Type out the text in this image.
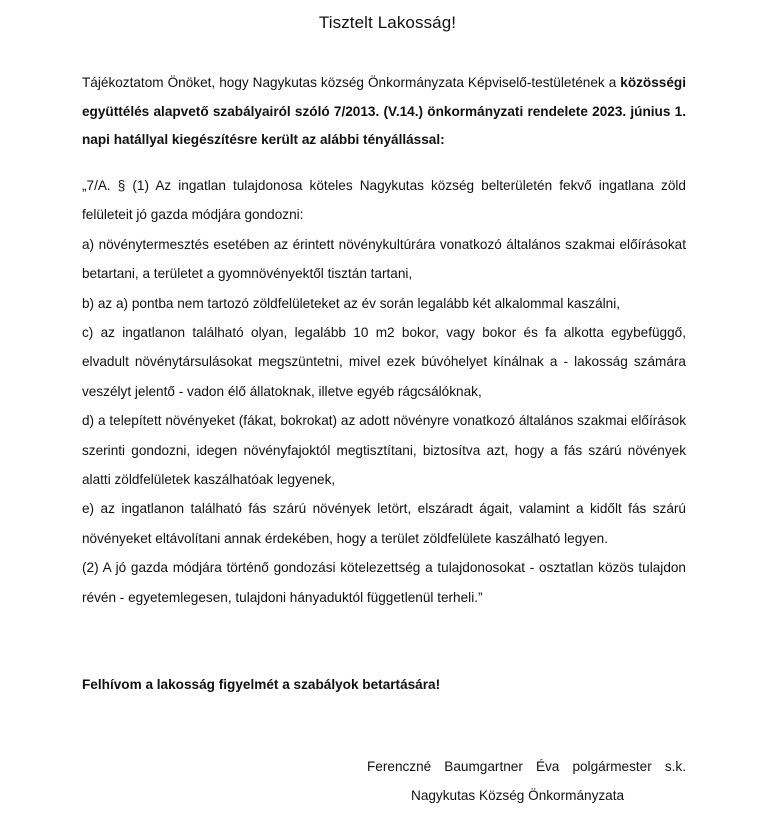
Tisztelt Lakosság!
Tájékoztatom Önöket, hogy Nagykutas község Önkormányzata Képviselő-testületének a közösségi együttélés alapvető szabályairól szóló 7/2013. (V.14.) önkormányzati rendelete 2023. június 1. napi hatállyal kiegészítésre került az alábbi tényállással:

„7/A. § (1) Az ingatlan tulajdonosa köteles Nagykutas község belterületén fekvő ingatlana zöld felületeit jó gazda módjára gondozni:

a) növénytermesztés esetében az érintett növénykultúrára vonatkozó általános szakmai előírásokat betartani, a területet a gyomnövényektől tisztán tartani,

b) az a) pontba nem tartozó zöldfelületeket az év során legalább két alkalommal kaszálni,

c) az ingatlanon található olyan, legalább 10 m2 bokor, vagy bokor és fa alkotta egybefüggő, elvadult növénytársulásokat megszüntetni, mivel ezek búvóhelyet kínálnak a - lakosság számára veszélyt jelentő - vadon élő állatoknak, illetve egyéb rágcsálóknak,

d) a telepített növényeket (fákat, bokrokat) az adott növényre vonatkozó általános szakmai előírások szerinti gondozni, idegen növényfajoktól megtisztítani, biztosítva azt, hogy a fás szárú növények alatti zöldfelületek kaszálhatóak legyenek,

e) az ingatlanon található fás szárú növények letört, elszáradt ágait, valamint a kidőlt fás szárú növényeket eltávolítani annak érdekében, hogy a terület zöldfelülete kaszálható legyen.

(2) A jó gazda módjára történő gondozási kötelezettség a tulajdonosokat - osztatlan közös tulajdon révén - egyetemlegesen, tulajdoni hányaduktól függetlenül terheli.”

Felhívom a lakosság figyelmét a szabályok betartására!
Ferenczné Baumgartner Éva polgármester s.k.
Nagykutas Község Önkormányzata
